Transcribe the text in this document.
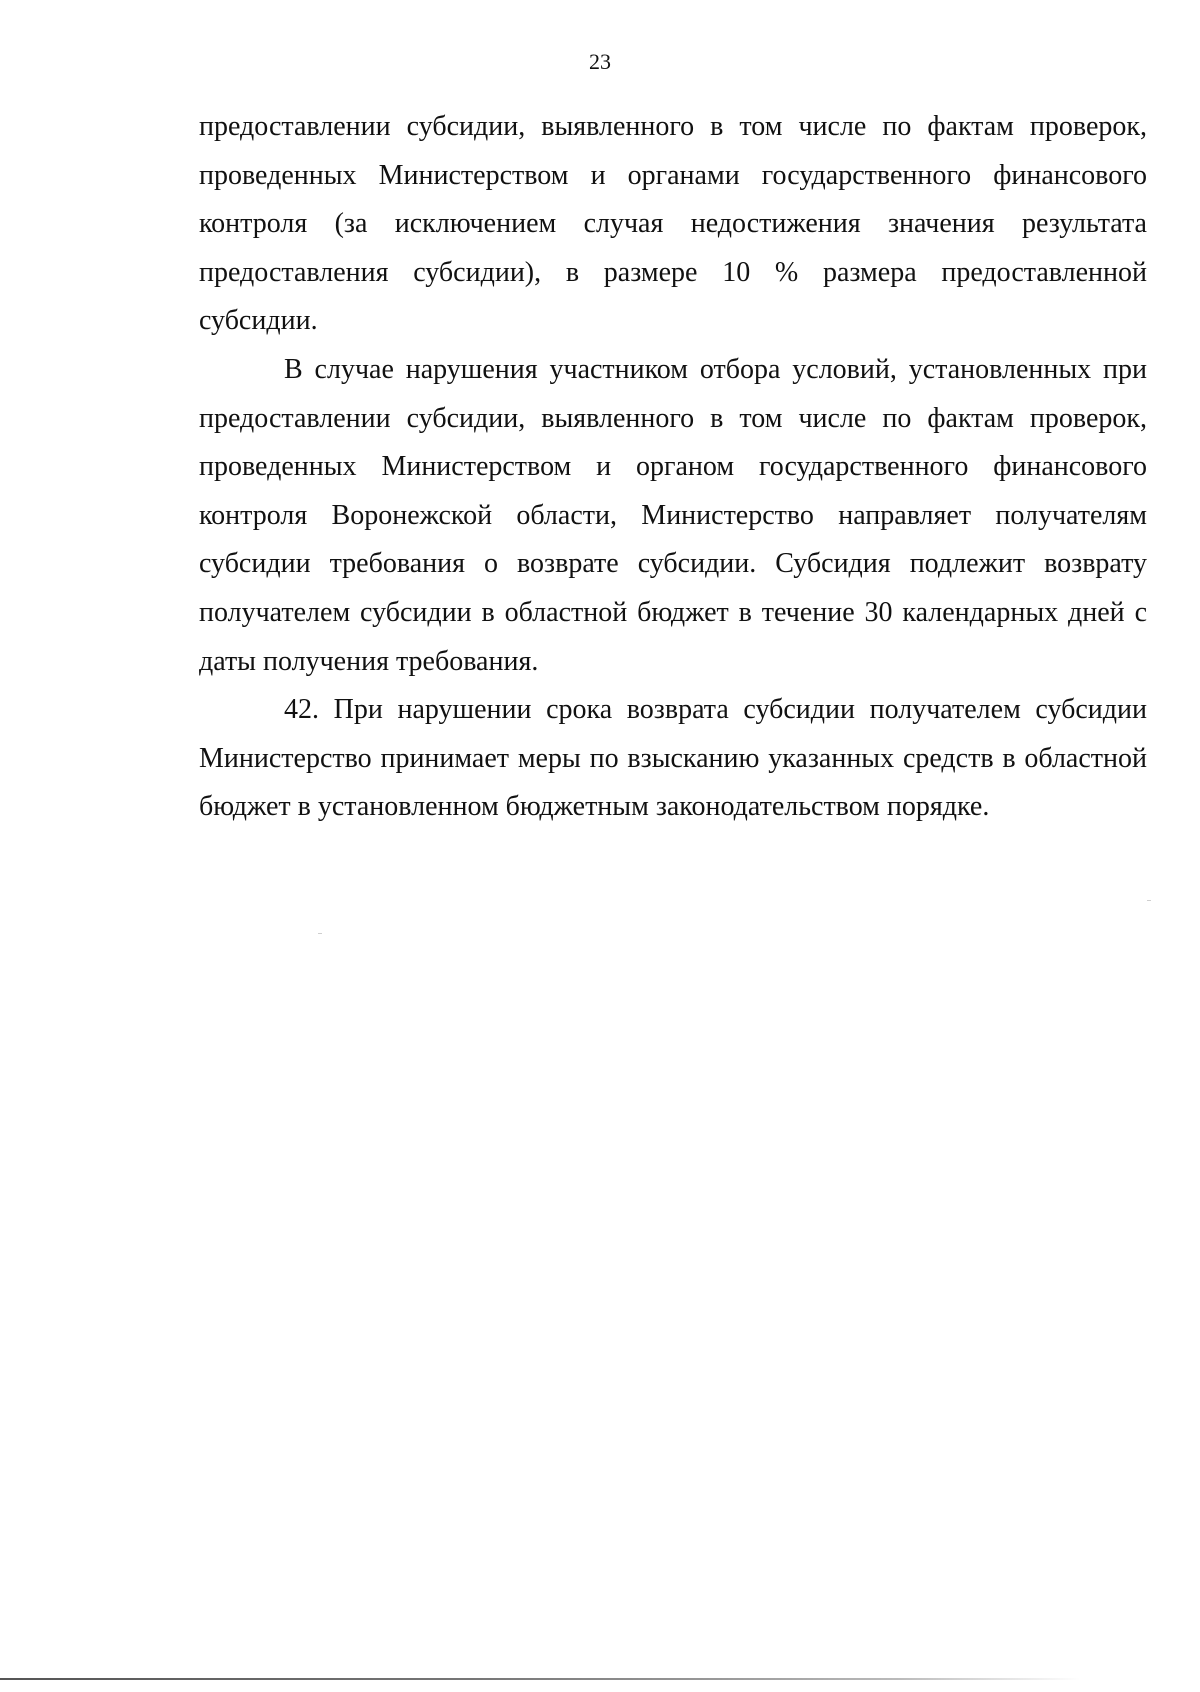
23

предоставлении субсидии, выявленного в том числе по фактам проверок, проведенных Министерством и органами государственного финансового контроля (за исключением случая недостижения значения результата предоставления субсидии), в размере 10 % размера предоставленной субсидии.

В случае нарушения участником отбора условий, установленных при предоставлении субсидии, выявленного в том числе по фактам проверок, проведенных Министерством и органом государственного финансового контроля Воронежской области, Министерство направляет получателям субсидии требования о возврате субсидии. Субсидия подлежит возврату получателем субсидии в областной бюджет в течение 30 календарных дней с даты получения требования.

42. При нарушении срока возврата субсидии получателем субсидии Министерство принимает меры по взысканию указанных средств в областной бюджет в установленном бюджетным законодательством порядке.
